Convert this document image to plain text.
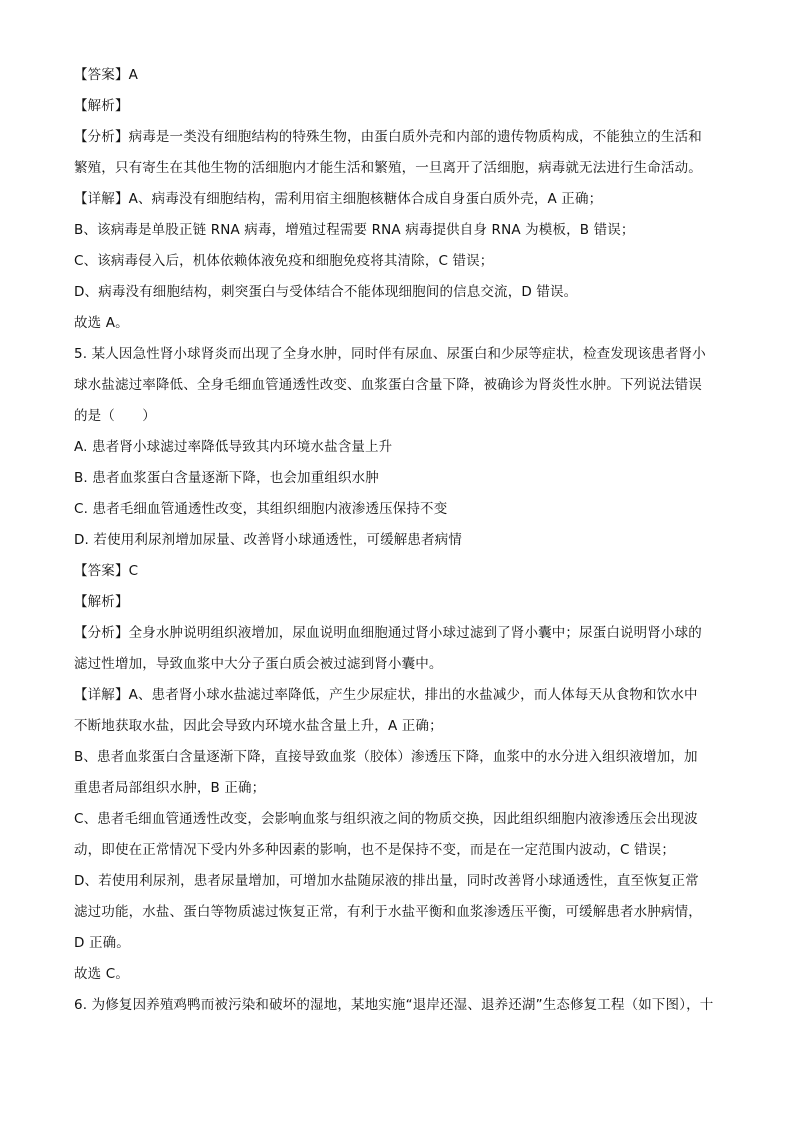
【答案】A
【解析】
【分析】病毒是一类没有细胞结构的特殊生物，由蛋白质外壳和内部的遗传物质构成，不能独立的生活和
繁殖，只有寄生在其他生物的活细胞内才能生活和繁殖，一旦离开了活细胞，病毒就无法进行生命活动。
【详解】A、病毒没有细胞结构，需利用宿主细胞核糖体合成自身蛋白质外壳，A 正确；
B、该病毒是单股正链 RNA 病毒，增殖过程需要 RNA 病毒提供自身 RNA 为模板，B 错误；
C、该病毒侵入后，机体依赖体液免疫和细胞免疫将其清除，C 错误；
D、病毒没有细胞结构，刺突蛋白与受体结合不能体现细胞间的信息交流，D 错误。
故选 A。
5. 某人因急性肾小球肾炎而出现了全身水肿，同时伴有尿血、尿蛋白和少尿等症状，检查发现该患者肾小
球水盐滤过率降低、全身毛细血管通透性改变、血浆蛋白含量下降，被确诊为肾炎性水肿。下列说法错误
的是（　　）
A. 患者肾小球滤过率降低导致其内环境水盐含量上升
B. 患者血浆蛋白含量逐渐下降，也会加重组织水肿
C. 患者毛细血管通透性改变，其组织细胞内液渗透压保持不变
D. 若使用利尿剂增加尿量、改善肾小球通透性，可缓解患者病情
【答案】C
【解析】
【分析】全身水肿说明组织液增加，尿血说明血细胞通过肾小球过滤到了肾小囊中；尿蛋白说明肾小球的
滤过性增加，导致血浆中大分子蛋白质会被过滤到肾小囊中。
【详解】A、患者肾小球水盐滤过率降低，产生少尿症状，排出的水盐减少，而人体每天从食物和饮水中
不断地获取水盐，因此会导致内环境水盐含量上升，A 正确；
B、患者血浆蛋白含量逐渐下降，直接导致血浆（胶体）渗透压下降，血浆中的水分进入组织液增加，加
重患者局部组织水肿，B 正确；
C、患者毛细血管通透性改变，会影响血浆与组织液之间的物质交换，因此组织细胞内液渗透压会出现波
动，即使在正常情况下受内外多种因素的影响，也不是保持不变，而是在一定范围内波动，C 错误；
D、若使用利尿剂，患者尿量增加，可增加水盐随尿液的排出量，同时改善肾小球通透性，直至恢复正常
滤过功能，水盐、蛋白等物质滤过恢复正常，有利于水盐平衡和血浆渗透压平衡，可缓解患者水肿病情，
D 正确。
故选 C。
6. 为修复因养殖鸡鸭而被污染和破坏的湿地，某地实施“退岸还湿、退养还湖”生态修复工程（如下图），十
